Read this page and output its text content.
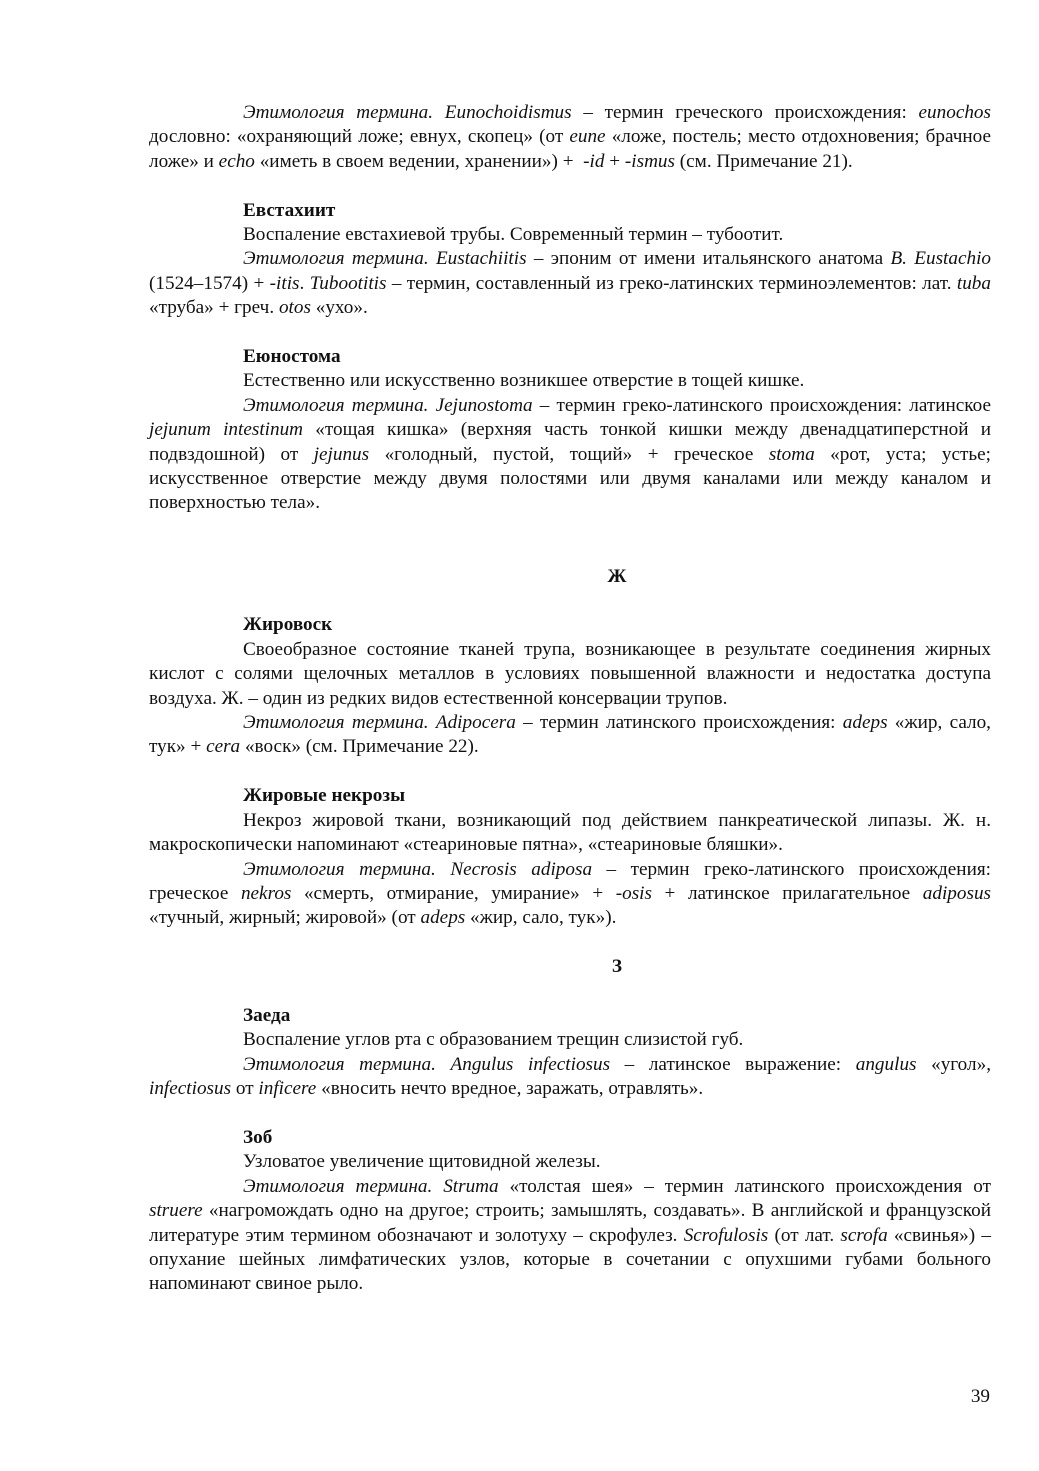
Этимология термина. Eunochoidismus – термин греческого происхождения: eunochos дословно: «охраняющий ложе; евнух, скопец» (от eune «ложе, постель; место отдохновения; брачное ложе» и echo «иметь в своем ведении, хранении») +  -id + -ismus (см. Примечание 21).

Евстахиит

Воспаление евстахиевой трубы. Современный термин – тубоотит.

Этимология термина. Eustachiitis – эпоним от имени итальянского анатома B. Eustachio (1524–1574) + -itis. Tubootitis – термин, составленный из греко-латинских терминоэлементов: лат. tuba «труба» + греч. otos «ухо».

Еюностома

Естественно или искусственно возникшее отверстие в тощей кишке.

Этимология термина. Jejunostoma – термин греко-латинского происхождения: латинское jejunum intestinum «тощая кишка» (верхняя часть тонкой кишки между двенадцатиперстной и подвздошной) от jejunus «голодный, пустой, тощий» + греческое stoma «рот, уста; устье; искусственное отверстие между двумя полостями или двумя каналами или между каналом и поверхностью тела».

Ж

Жировоск

Своеобразное состояние тканей трупа, возникающее в результате соединения жирных кислот с солями щелочных металлов в условиях повышенной влажности и недостатка доступа воздуха. Ж. – один из редких видов естественной консервации трупов.

Этимология термина. Adipocera – термин латинского происхождения: adeps «жир, сало, тук» + cera «воск» (см. Примечание 22).

Жировые некрозы

Некроз жировой ткани, возникающий под действием панкреатической липазы. Ж. н. макроскопически напоминают «стеариновые пятна», «стеариновые бляшки».

Этимология термина. Necrosis adiposa – термин греко-латинского происхождения: греческое nekros «смерть, отмирание, умирание» + -osis + латинское прилагательное adiposus «тучный, жирный; жировой» (от adeps «жир, сало, тук»).

З

Заеда

Воспаление углов рта с образованием трещин слизистой губ.

Этимология термина. Angulus infectiosus – латинское выражение: angulus «угол», infectiosus от inficere «вносить нечто вредное, заражать, отравлять».

Зоб

Узловатое увеличение щитовидной железы.

Этимология термина. Struma «толстая шея» – термин латинского происхождения от struere «нагромождать одно на другое; строить; замышлять, создавать». В английской и французской литературе этим термином обозначают и золотуху – скрофулез. Scrofulosis (от лат. scrofa «свинья») – опухание шейных лимфатических узлов, которые в сочетании с опухшими губами больного напоминают свиное рыло.

39
